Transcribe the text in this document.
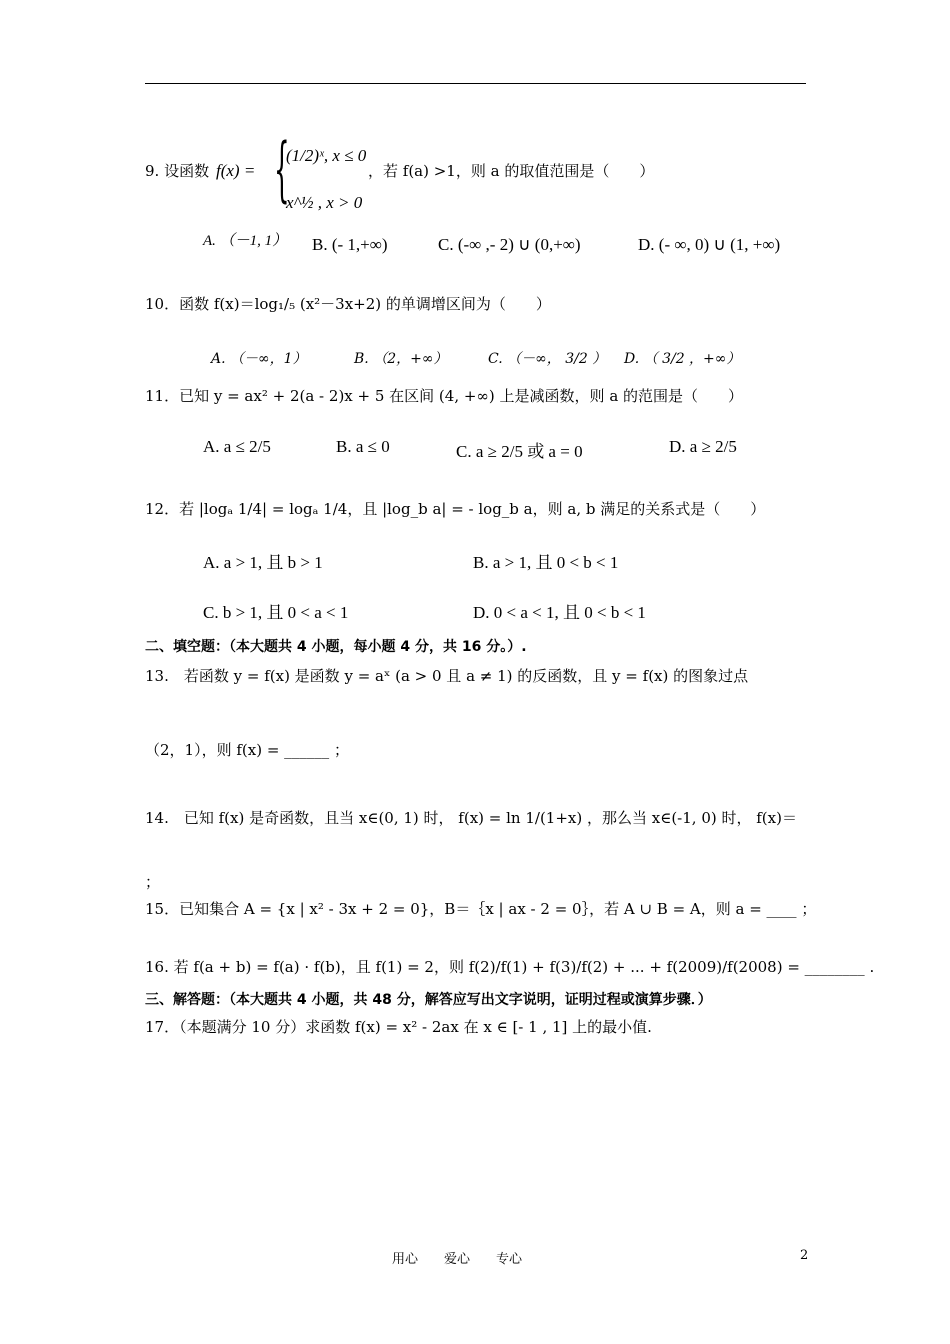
9. 设函数 f(x) = {
(1/2)ˣ, x ≤ 0
x^½ , x > 0
，若 f(a) >1，则 a 的取值范围是（　　）
A. （－1, 1） B. (- 1,+∞)	C. (-∞ ,- 2) ∪ (0,+∞)	D. (- ∞, 0) ∪ (1, +∞)
10．函数 f(x)＝log₁/₅ (x²－3x+2) 的单调增区间为（　　）
A. （－∞，1）	B. （2，+∞）	C. （－∞， 3/2 ） D. （ 3/2 ，+∞）
11．已知 y = ax² + 2(a - 2)x + 5 在区间 (4, +∞) 上是减函数，则 a 的范围是（　　）
A. a ≤ 2/5	B. a ≤ 0	C. a ≥ 2/5 或 a = 0	D. a ≥ 2/5
12．若 |logₐ 1/4| = logₐ 1/4，且 |log_b a| = - log_b a，则 a, b 满足的关系式是（　　）
A. a > 1, 且 b > 1	B. a > 1, 且 0 < b < 1
C. b > 1, 且 0 < a < 1	D. 0 < a < 1, 且 0 < b < 1
二、填空题：（本大题共 4 小题，每小题 4 分，共 16 分。）.
13.　若函数 y = f(x) 是函数 y = aˣ (a > 0 且 a ≠ 1) 的反函数，且 y = f(x) 的图象过点
（2，1），则 f(x) = ______ ；
14.　已知 f(x) 是奇函数，且当 x∈(0, 1) 时， f(x) = ln 1/(1+x) ，那么当 x∈(-1, 0) 时， f(x)＝
；
15．已知集合 A = {x | x² - 3x + 2 = 0}，B＝｛x | ax - 2 = 0｝，若 A ∪ B = A，则 a = ____ ；
16. 若 f(a + b) = f(a) · f(b)，且 f(1) = 2，则 f(2)/f(1) + f(3)/f(2) + ... + f(2009)/f(2008) = ________ .
三、解答题：（本大题共 4 小题，共 48 分，解答应写出文字说明，证明过程或演算步骤．）
17．（本题满分 10 分）求函数 f(x) = x² - 2ax 在 x ∈ [- 1 , 1] 上的最小值.
用心　　爱心　　专心	2
